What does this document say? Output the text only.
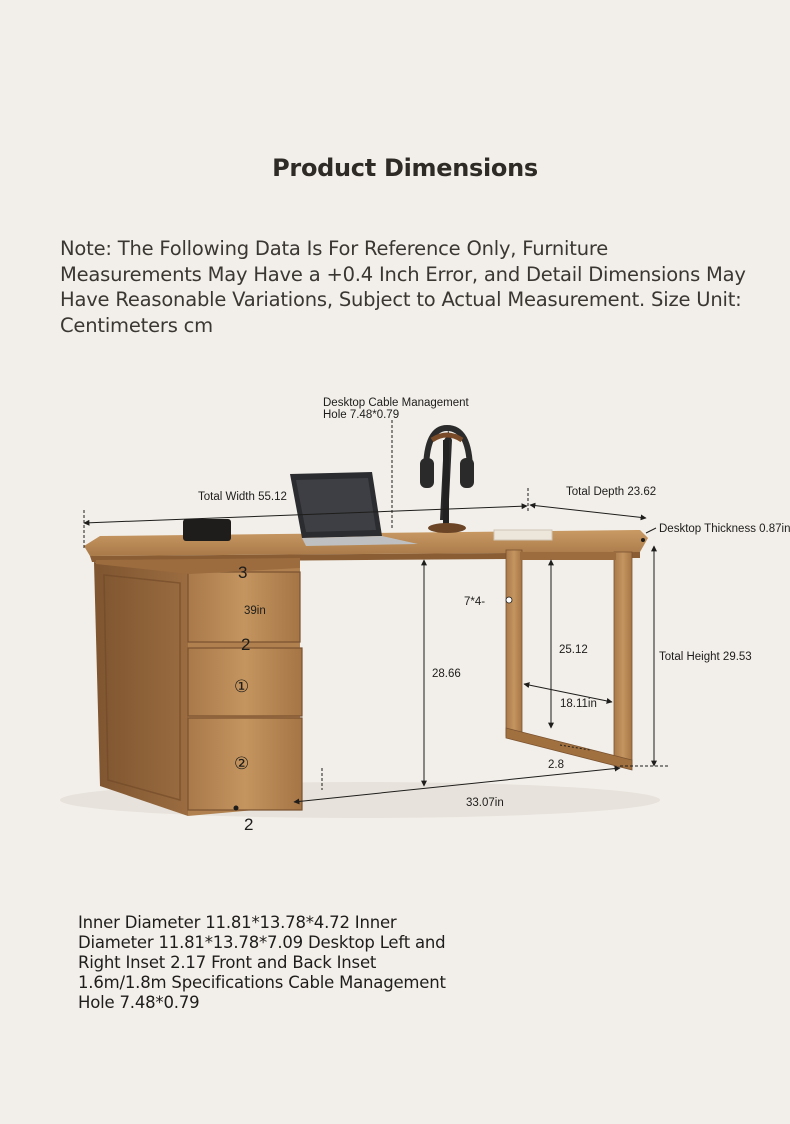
Product Dimensions
Note: The Following Data Is For Reference Only, Furniture Measurements May Have a +0.4 Inch Error, and Detail Dimensions May Have Reasonable Variations, Subject to Actual Measurement. Size Unit: Centimeters cm
Desktop Cable Management
Hole 7.48*0.79
Total Width 55.12	Total Depth 23.62
Desktop Thickness 0.87in
Total Height 29.53
7*4-
28.66
25.12
18.11in
2.8
33.07in
3
2
39in
①
②
2
Inner Diameter 11.81*13.78*4.72 Inner Diameter 11.81*13.78*7.09 Desktop Left and Right Inset 2.17 Front and Back Inset 1.6m/1.8m Specifications Cable Management Hole 7.48*0.79
